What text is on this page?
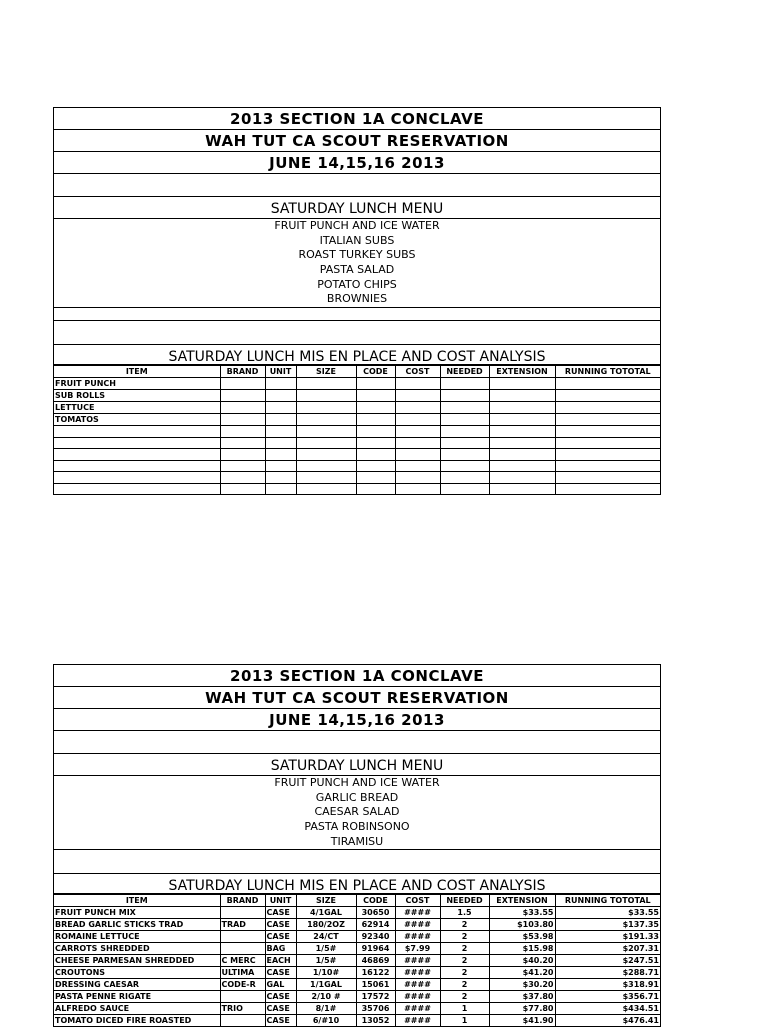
2013 SECTION 1A CONCLAVE
WAH TUT CA SCOUT RESERVATION
JUNE 14,15,16 2013
SATURDAY LUNCH MENU
FRUIT PUNCH AND ICE WATER
ITALIAN SUBS
ROAST TURKEY SUBS
PASTA SALAD
POTATO CHIPS
BROWNIES
SATURDAY LUNCH MIS EN PLACE AND COST ANALYSIS
ITEM	BRAND	UNIT	SIZE	CODE	COST	NEEDED	EXTENSION	RUNNING TOTOTAL
FRUIT PUNCH								
SUB ROLLS								
LETTUCE								
TOMATOS								

2013 SECTION 1A CONCLAVE
WAH TUT CA SCOUT RESERVATION
JUNE 14,15,16 2013
SATURDAY LUNCH MENU
FRUIT PUNCH AND ICE WATER
GARLIC BREAD
CAESAR SALAD
PASTA ROBINSONO
TIRAMISU
SATURDAY LUNCH MIS EN PLACE AND COST ANALYSIS
ITEM	BRAND	UNIT	SIZE	CODE	COST	NEEDED	EXTENSION	RUNNING TOTOTAL
FRUIT PUNCH MIX		CASE	4/1GAL	30650	####	1.5	$33.55	$33.55
BREAD GARLIC STICKS TRAD	TRAD	CASE	180/2OZ	62914	####	2	$103.80	$137.35
ROMAINE LETTUCE		CASE	24/CT	92340	####	2	$53.98	$191.33
CARROTS SHREDDED		BAG	1/5#	91964	$7.99	2	$15.98	$207.31
CHEESE PARMESAN SHREDDED	C MERC	EACH	1/5#	46869	####	2	$40.20	$247.51
CROUTONS	ULTIMA	CASE	1/10#	16122	####	2	$41.20	$288.71
DRESSING CAESAR	CODE-R	GAL	1/1GAL	15061	####	2	$30.20	$318.91
PASTA PENNE RIGATE		CASE	2/10 #	17572	####	2	$37.80	$356.71
ALFREDO SAUCE	TRIO	CASE	8/1#	35706	####	1	$77.80	$434.51
TOMATO DICED FIRE ROASTED		CASE	6/#10	13052	####	1	$41.90	$476.41
